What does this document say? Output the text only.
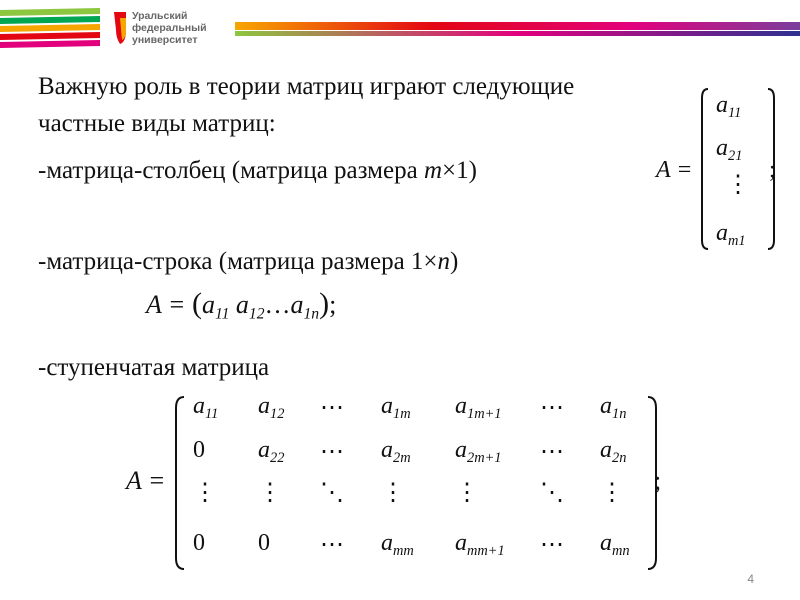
Уральский
федеральный
университет
Важную роль в теории матриц играют следующие
частные виды матриц:
-матрица-столбец (матрица размера m×1)
-матрица-строка (матрица размера 1×n)
-ступенчатая матрица
A =
$a_{11}$
$a_{21}$
⋮
$a_{m1}$
;
$A = (a_{11}$ $a_{12}\dots a_{1n}$);
A =
$a_{11}$ $a_{12}$ ⋯ $a_{1m}$ $a_{1m+1}$ ⋯ $a_{1n}$
0 $a_{22}$ ⋯ $a_{2m}$ $a_{2m+1}$ ⋯ $a_{2n}$
⋮ ⋮ ⋱ ⋮ ⋮	⋱ ⋮
0 0 ⋯ $a_{mm}$ $a_{mm+1}$ ⋯ $a_{mn}$
;
4
